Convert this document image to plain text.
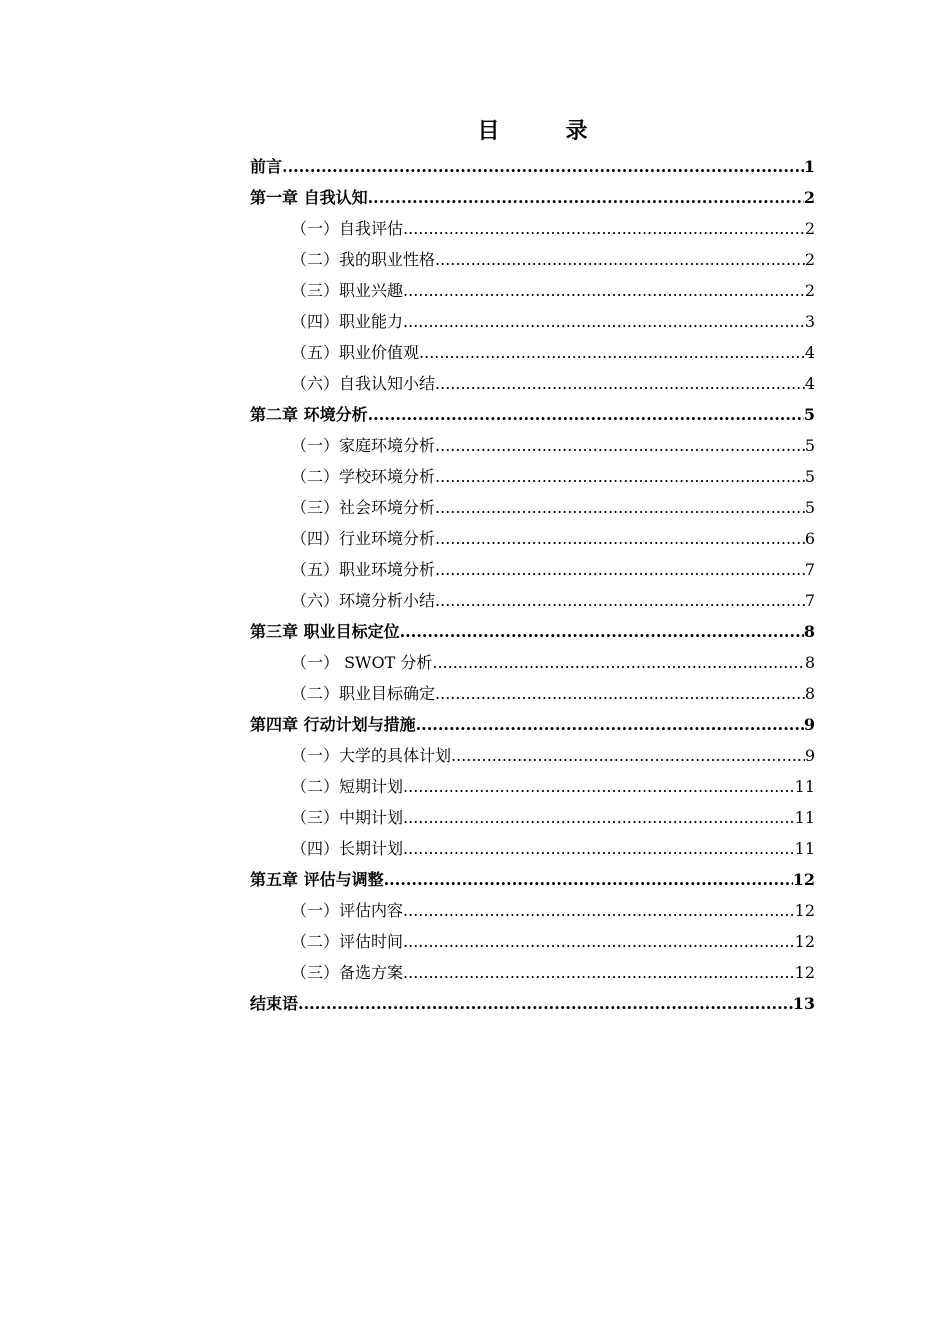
目　录
前言 .....	1
第一章 自我认知 .....	2
（一）自我评估 .....	2
（二）我的职业性格 .....	2
（三）职业兴趣 .....	2
（四）职业能力 .....	3
（五）职业价值观 .....	4
（六）自我认知小结 .....	4
第二章 环境分析 .....	5
（一）家庭环境分析 .....	5
（二）学校环境分析 .....	5
（三）社会环境分析 .....	5
（四）行业环境分析 .....	6
（五）职业环境分析 .....	7
（六）环境分析小结 .....	7
第三章 职业目标定位 .....	8
（一） SWOT 分析 .....	8
（二）职业目标确定 .....	8
第四章 行动计划与措施 .....	9
（一）大学的具体计划 .....	9
（二）短期计划 .....	11
（三）中期计划 .....	11
（四）长期计划 .....	11
第五章 评估与调整 .....	12
（一）评估内容 .....	12
（二）评估时间 .....	12
（三）备选方案 .....	12
结束语 .....	13
